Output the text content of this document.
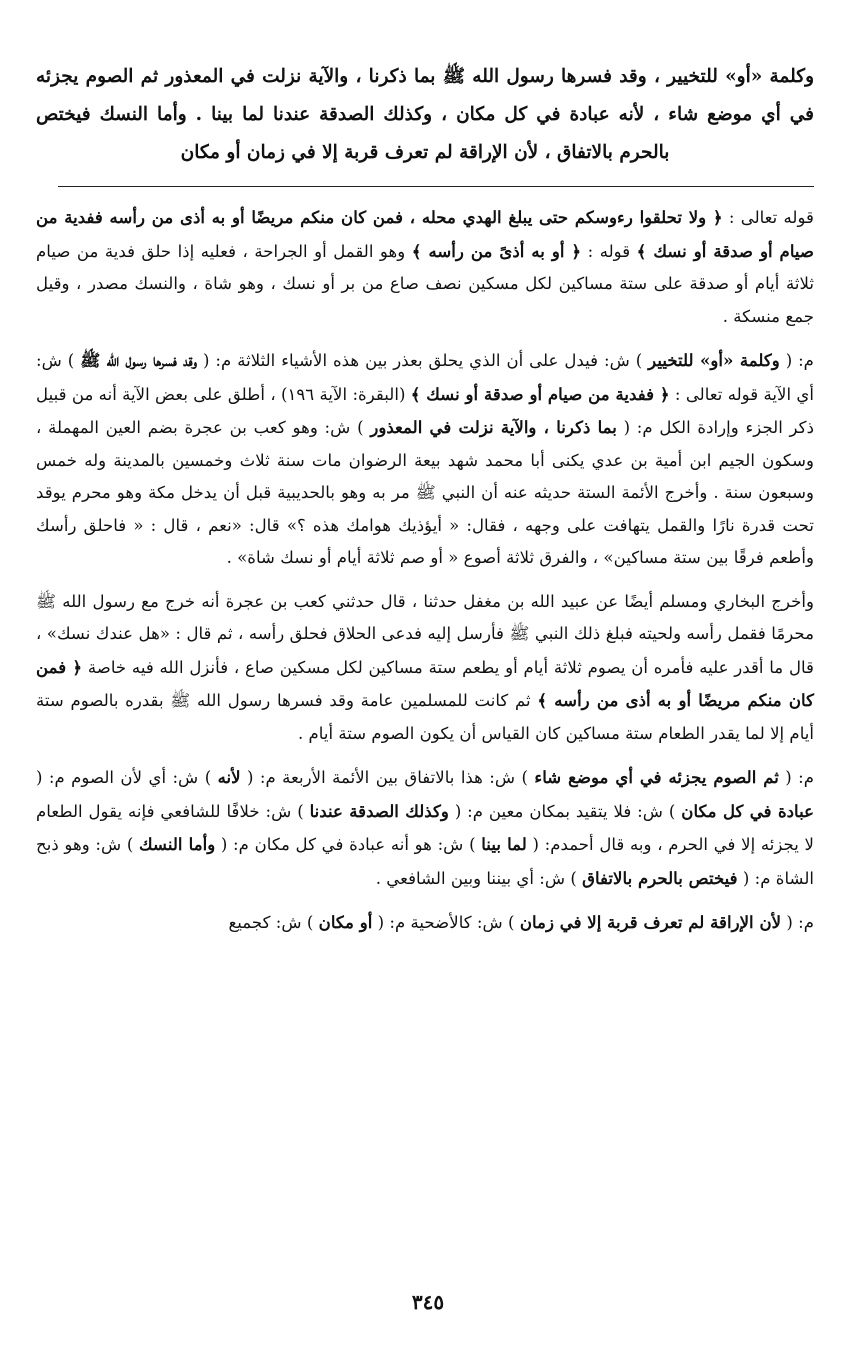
وكلمة «أو» للتخيير ، وقد فسرها رسول الله ﷺ بما ذكرنا ، والآية نزلت في المعذور ثم الصوم يجزئه في أي موضع شاء ، لأنه عبادة في كل مكان ، وكذلك الصدقة عندنا لما بينا . وأما النسك فيختص بالحرم بالاتفاق ، لأن الإراقة لم تعرف قربة إلا في زمان أو مكان

قوله تعالى : ﴿ ولا تحلقوا رءوسكم حتى يبلغ الهدي محله ، فمن كان منكم مريضًا أو به أذى من رأسه ففدية من صيام أو صدقة أو نسك ﴾ قوله : ﴿ أو به أذىً من رأسه ﴾ وهو القمل أو الجراحة ، فعليه إذا حلق فدية من صيام ثلاثة أيام أو صدقة على ستة مساكين لكل مسكين نصف صاع من بر أو نسك ، وهو شاة ، والنسك مصدر ، وقيل جمع منسكة .

م: ( وكلمة «أو» للتخيير ) ش: فيدل على أن الذي يحلق بعذر بين هذه الأشياء الثلاثة م: ( وقد فسرها رسول الله ﷺ ) ش: أي الآية قوله تعالى : ﴿ ففدية من صيام أو صدقة أو نسك ﴾ (البقرة: الآية ١٩٦) ، أطلق على بعض الآية أنه من قبيل ذكر الجزء وإرادة الكل م: ( بما ذكرنا ، والآية نزلت في المعذور ) ش: وهو كعب بن عجرة بضم العين المهملة ، وسكون الجيم ابن أمية بن عدي يكنى أبا محمد شهد بيعة الرضوان مات سنة ثلاث وخمسين بالمدينة وله خمس وسبعون سنة . وأخرج الأئمة الستة حديثه عنه أن النبي ﷺ مر به وهو بالحديبية قبل أن يدخل مكة وهو محرم يوقد تحت قدرة نارًا والقمل يتهافت على وجهه ، فقال: « أيؤذيك هوامك هذه ؟» قال: «نعم ، قال : « فاحلق رأسك وأطعم فرقًا بين ستة مساكين» ، والفرق ثلاثة أصوع « أو صم ثلاثة أيام أو نسك شاة» .

وأخرج البخاري ومسلم أيضًا عن عبيد الله بن مغفل حدثنا ، قال حدثني كعب بن عجرة أنه خرج مع رسول الله ﷺ محرمًا فقمل رأسه ولحيته فبلغ ذلك النبي ﷺ فأرسل إليه فدعى الحلاق فحلق رأسه ، ثم قال : «هل عندك نسك» ، قال ما أقدر عليه فأمره أن يصوم ثلاثة أيام أو يطعم ستة مساكين لكل مسكين صاع ، فأنزل الله فيه خاصة ﴿ فمن كان منكم مريضًا أو به أذى من رأسه ﴾ ثم كانت للمسلمين عامة وقد فسرها رسول الله ﷺ بقدره بالصوم ستة أيام إلا لما يقدر الطعام ستة مساكين كان القياس أن يكون الصوم ستة أيام .

م: ( ثم الصوم يجزئه في أي موضع شاء ) ش: هذا بالاتفاق بين الأئمة الأربعة م: ( لأنه ) ش: أي لأن الصوم م: ( عبادة في كل مكان ) ش: فلا يتقيد بمكان معين م: ( وكذلك الصدقة عندنا ) ش: خلافًا للشافعي فإنه يقول الطعام لا يجزئه إلا في الحرم ، وبه قال أحمدم: ( لما بينا ) ش: هو أنه عبادة في كل مكان م: ( وأما النسك ) ش: وهو ذبح الشاة م: ( فيختص بالحرم بالاتفاق ) ش: أي بيننا وبين الشافعي .

م: ( لأن الإراقة لم تعرف قربة إلا في زمان ) ش: كالأضحية م: ( أو مكان ) ش: كجميع

٣٤٥
